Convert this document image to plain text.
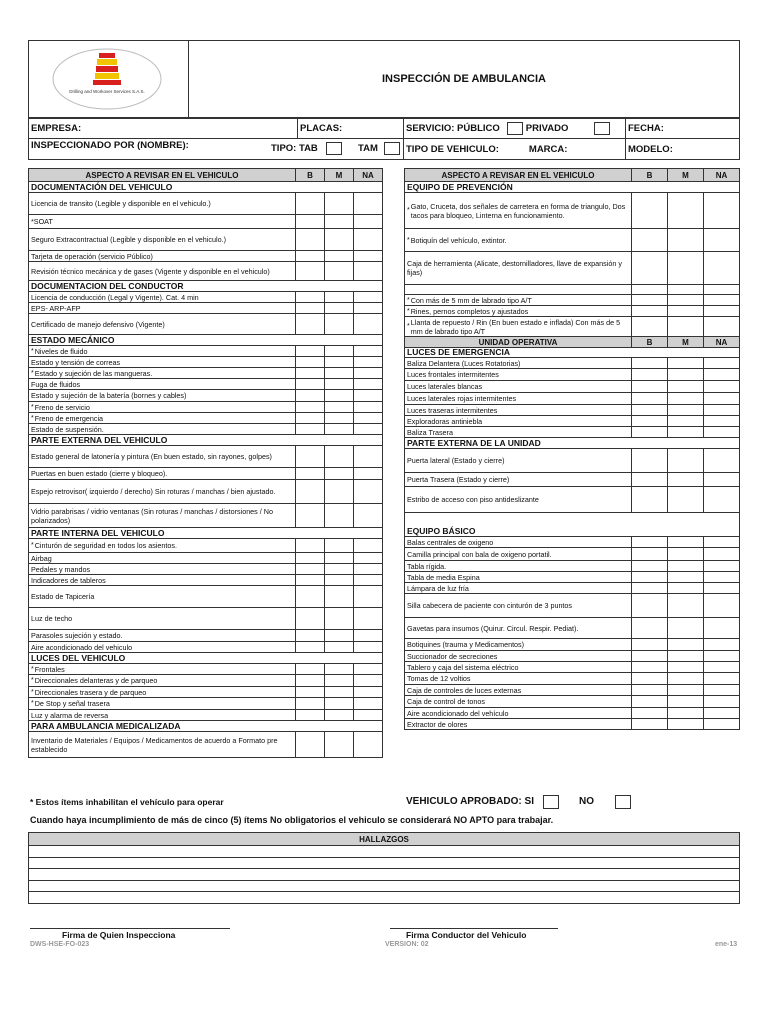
Drilling and Workover Services S.A.S.
INSPECCIÓN DE AMBULANCIA
EMPRESA:	PLACAS:	SERVICIO: PÚBLICO	PRIVADO	FECHA:
INSPECCIONADO POR (NOMBRE):	TIPO: TAB	TAM	TIPO DE VEHICULO:	MARCA:	MODELO:
ASPECTO A REVISAR EN EL VEHICULO	B	M	NA
DOCUMENTACIÓN DEL VEHICULO
Licencia de transito (Legible y disponible en el vehiculo.)
*SOAT
Seguro Extracontractual (Legible y disponible en el vehiculo.)
Tarjeta de operación (servicio Público)
Revisión técnico mecánica y de gases (Vigente y disponible en el vehiculo)
DOCUMENTACION DEL CONDUCTOR
Licencia de conducción (Legal y Vigente). Cat. 4 min
EPS- ARP-AFP
Certificado de manejo defensivo (Vigente)
ESTADO MECÁNICO
* Niveles de fluido
Estado y tensión de correas
* Estado y sujeción de las mangueras.
Fuga de fluidos
Estado y sujeción de la batería (bornes y cables)
* Freno de servicio
* Freno de emergencia
Estado de suspensión.
PARTE EXTERNA DEL VEHICULO
Estado general de latonería y pintura (En buen estado, sin rayones, golpes)
Puertas en buen estado (cierre y bloqueo).
Espejo retrovisor( izquierdo / derecho) Sin roturas / manchas / bien ajustado.
Vidrio parabrisas / vidrio ventanas (Sin roturas / manchas / distorsiones / No polarizados)
PARTE INTERNA DEL VEHICULO
* Cinturón de seguridad en todos los asientos.
Airbag
Pedales y mandos
Indicadores de tableros
Estado de Tapicería
Luz de techo
Parasoles sujeción y estado.
Aire acondicionado del vehiculo
LUCES DEL VEHICULO
* Frontales
* Direccionales delanteras y de parqueo
* Direccionales trasera y de parqueo
* De Stop y señal trasera
Luz y alarma de reversa
PARA AMBULANCIA MEDICALIZADA
Inventario de Materiales / Equipos / Medicamentos de acuerdo a Formato pre establecido
ASPECTO A REVISAR EN EL VEHICULO	B	M	NA
EQUIPO DE PREVENCIÓN
* Gato, Cruceta, dos señales de carretera en forma de triangulo, Dos tacos para bloqueo, Linterna en funcionamiento.
* Botiquín del vehículo, extintor.
Caja de herramienta (Alicate, destornilladores, llave de expansión y fijas)
* Con más de 5 mm de labrado tipo A/T
* Rines, pernos completos y ajustados
* Llanta de repuesto / Rin (En buen estado e inflada) Con más de 5 mm de labrado tipo A/T
UNIDAD OPERATIVA	B	M	NA
LUCES DE EMERGENCIA
Baliza Delantera (Luces Rotatorias)
Luces frontales intermitentes
Luces laterales blancas
Luces laterales rojas intermitentes
Luces traseras intermitentes
Exploradoras antiniebla
Baliza Trasera
PARTE EXTERNA DE LA UNIDAD
Puerta lateral (Estado y cierre)
Puerta Trasera (Estado y cierre)
Estribo de acceso con piso antideslizante
EQUIPO BÁSICO
Balas centrales de oxigeno
Camilla principal con bala de oxigeno portatil.
Tabla rígida.
Tabla de media Espina
Lámpara de luz fría
Silla cabecera de paciente con cinturón de 3 puntos
Gavetas para insumos (Quirur. Circul. Respir. Pediat).
Botiquines (trauma y Medicamentos)
Succionador de secreciones
Tablero y caja del sistema eléctrico
Tomas de 12 voltios
Caja de controles de luces externas
Caja de control de tonos
Aire acondicionado del vehículo
Extractor de olores
* Estos ítems inhabilitan el vehículo para operar	VEHICULO APROBADO: SI	NO
Cuando haya incumplimiento de más de cinco (5) ítems No obligatorios el vehiculo se considerará NO APTO para trabajar.
HALLAZGOS
Firma de Quien Inspecciona	Firma Conductor del Vehiculo
DWS-HSE-FO-023	VERSION: 02	ene-13
